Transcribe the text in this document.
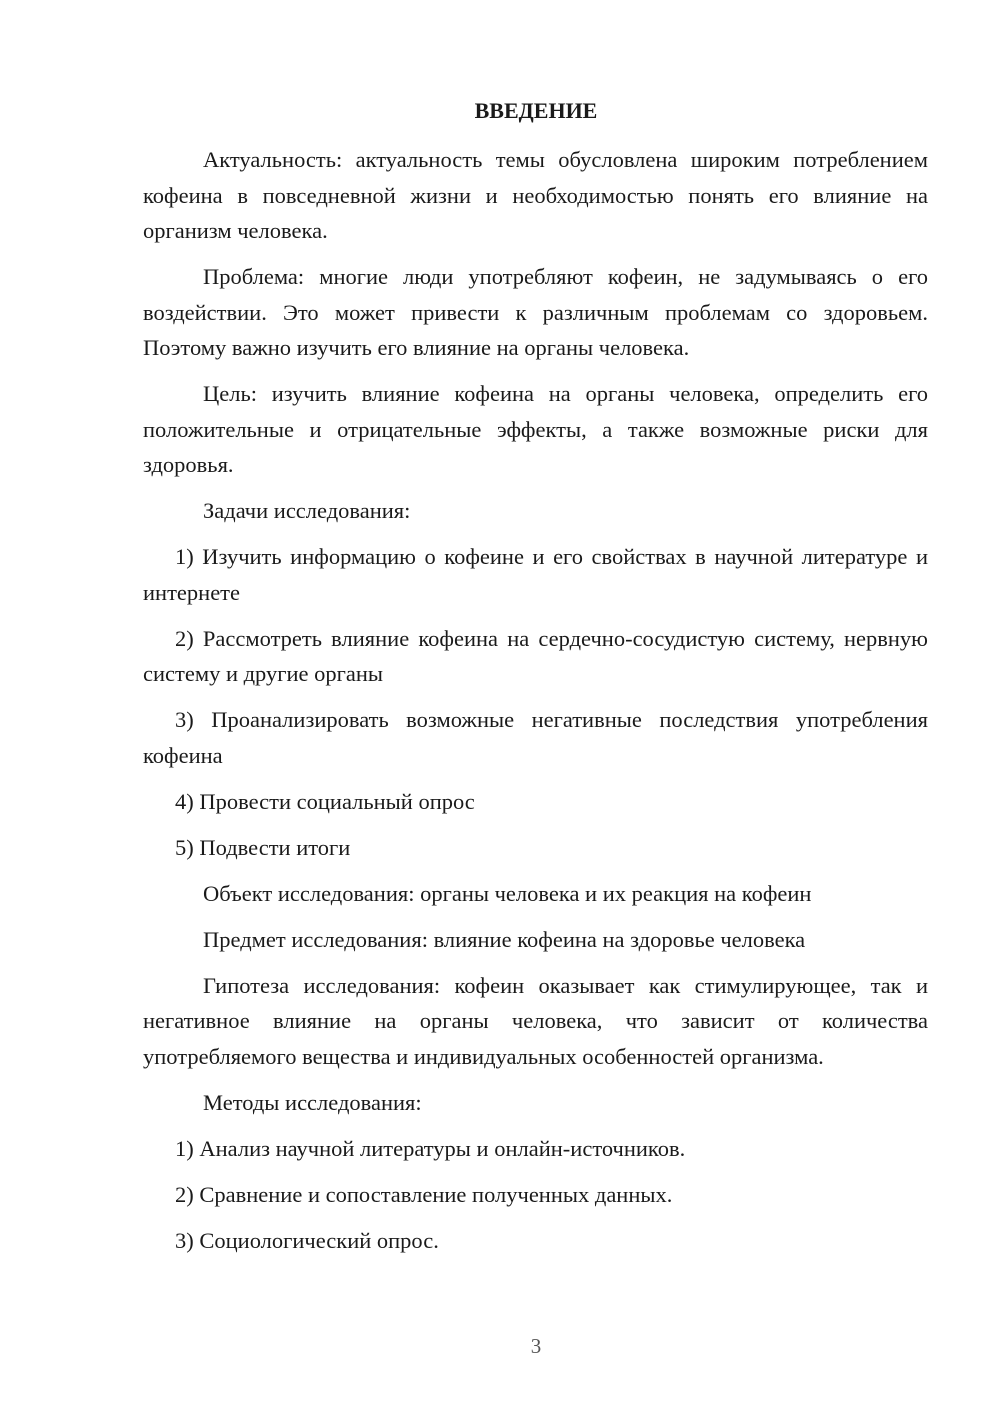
ВВЕДЕНИЕ

Актуальность: актуальность темы обусловлена широким потреблением кофеина в повседневной жизни и необходимостью понять его влияние на организм человека.

Проблема: многие люди употребляют кофеин, не задумываясь о его воздействии. Это может привести к различным проблемам со здоровьем. Поэтому важно изучить его влияние на органы человека.

Цель: изучить влияние кофеина на органы человека, определить его положительные и отрицательные эффекты, а также возможные риски для здоровья.

Задачи исследования:

1) Изучить информацию о кофеине и его свойствах в научной литературе и интернете

2) Рассмотреть влияние кофеина на сердечно-сосудистую систему, нервную систему и другие органы

3) Проанализировать возможные негативные последствия употребления кофеина

4) Провести социальный опрос

5) Подвести итоги

Объект исследования: органы человека и их реакция на кофеин

Предмет исследования: влияние кофеина на здоровье человека

Гипотеза исследования: кофеин оказывает как стимулирующее, так и негативное влияние на органы человека, что зависит от количества употребляемого вещества и индивидуальных особенностей организма.

Методы исследования:

1) Анализ научной литературы и онлайн-источников.

2) Сравнение и сопоставление полученных данных.

3) Социологический опрос.

3
